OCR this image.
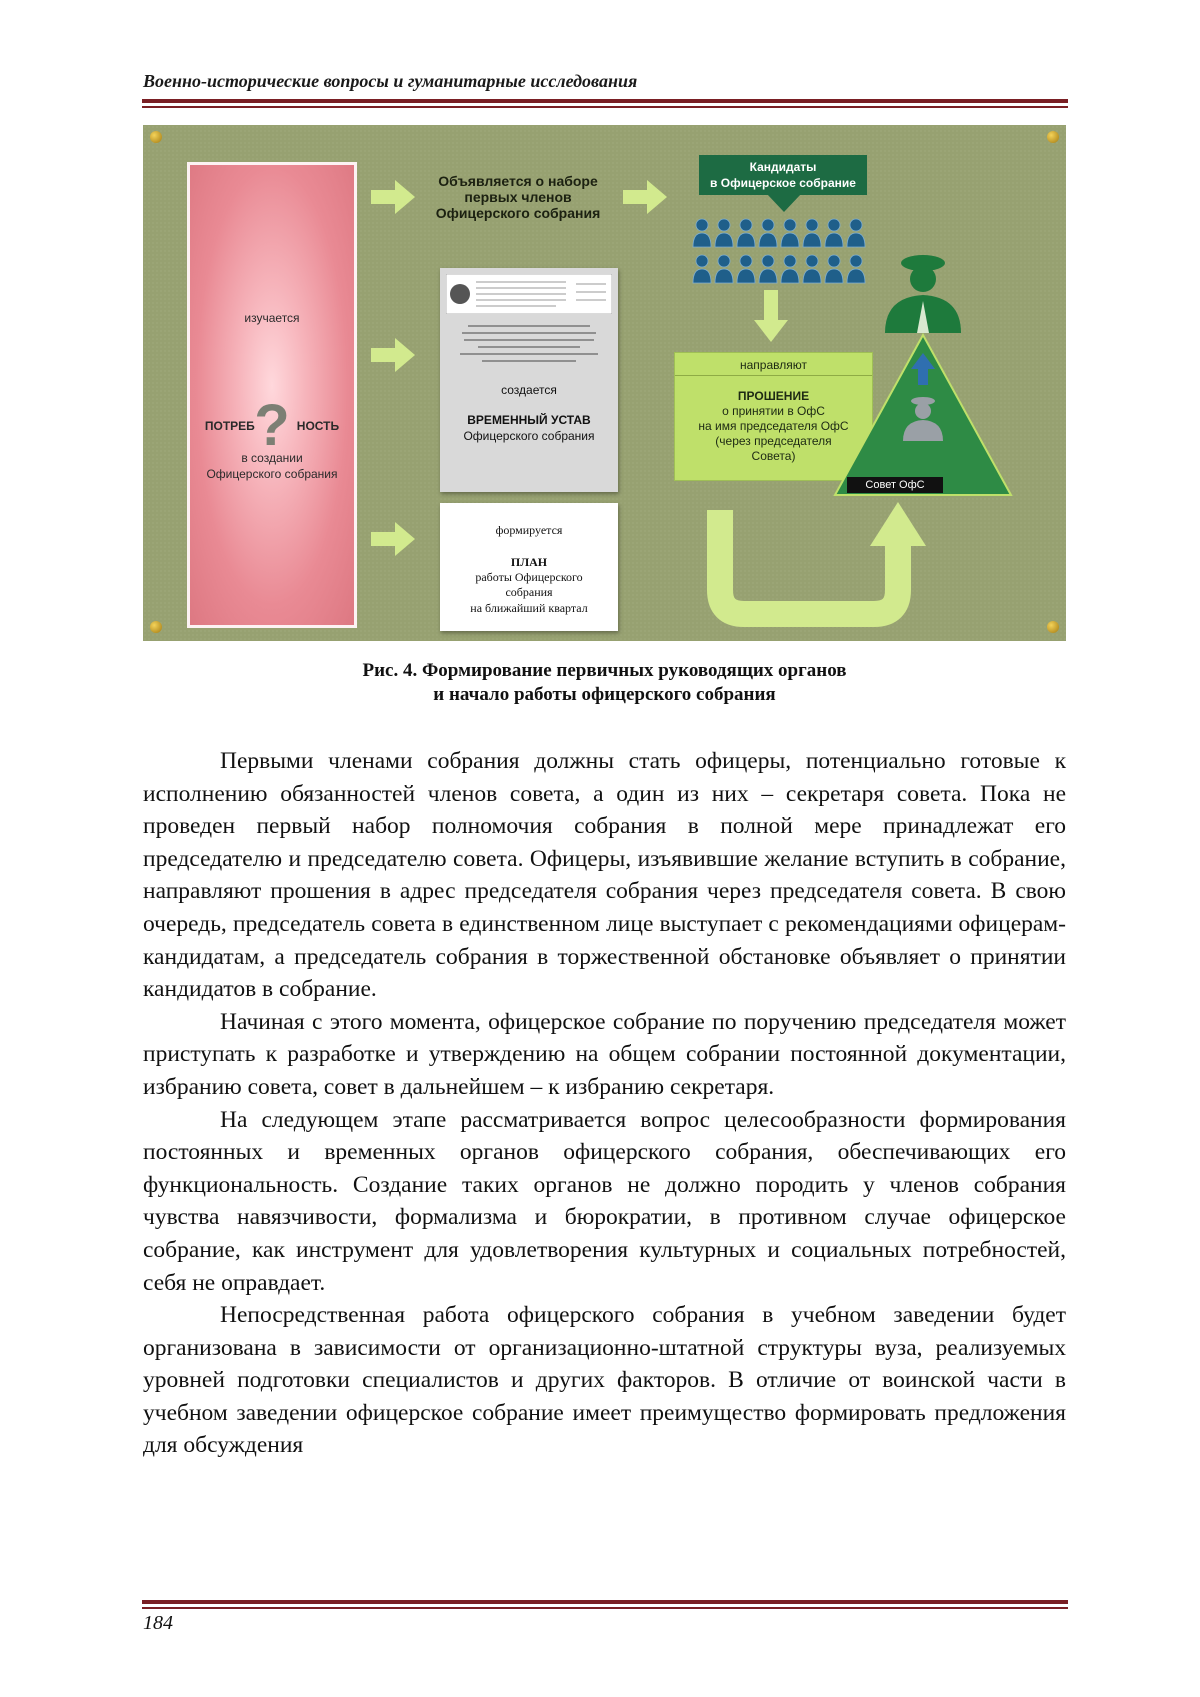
Военно-исторические вопросы и гуманитарные исследования
изучается
?
ПОТРЕБ	НОСТЬ
в создании
Офицерского собрания
Объявляется о наборе
первых членов
Офицерского собрания
Кандидаты
в Офицерское собрание
создается
ВРЕМЕННЫЙ УСТАВ
Офицерского собрания
формируется
ПЛАН
работы Офицерского
собрания
на ближайший квартал
направляют
ПРОШЕНИЕ
о принятии в ОфС
на имя председателя ОфС
(через председателя
Совета)
Совет ОфС
Рис. 4. Формирование первичных руководящих органов
и начало работы офицерского собрания

Первыми членами собрания должны стать офицеры, потенциально готовые к исполнению обязанностей членов совета, а один из них – секретаря совета. Пока не проведен первый набор полномочия собрания в полной мере принадлежат его председателю и председателю совета. Офицеры, изъявившие желание вступить в собрание, направляют прошения в адрес председателя собрания через председателя совета. В свою очередь, председатель совета в единственном лице выступает с рекомендациями офицерам-кандидатам, а председатель собрания в торжественной обстановке объявляет о принятии кандидатов в собрание.

Начиная с этого момента, офицерское собрание по поручению председателя может приступать к разработке и утверждению на общем собрании постоянной документации, избранию совета, совет в дальнейшем – к избранию секретаря.

На следующем этапе рассматривается вопрос целесообразности формирования постоянных и временных органов офицерского собрания, обеспечивающих его функциональность. Создание таких органов не должно породить у членов собрания чувства навязчивости, формализма и бюрократии, в противном случае офицерское собрание, как инструмент для удовлетворения культурных и социальных потребностей, себя не оправдает.

Непосредственная работа офицерского собрания в учебном заведении будет организована в зависимости от организационно-штатной структуры вуза, реализуемых уровней подготовки специалистов и других факторов. В отличие от воинской части в учебном заведении офицерское собрание имеет преимущество формировать предложения для обсуждения

184
